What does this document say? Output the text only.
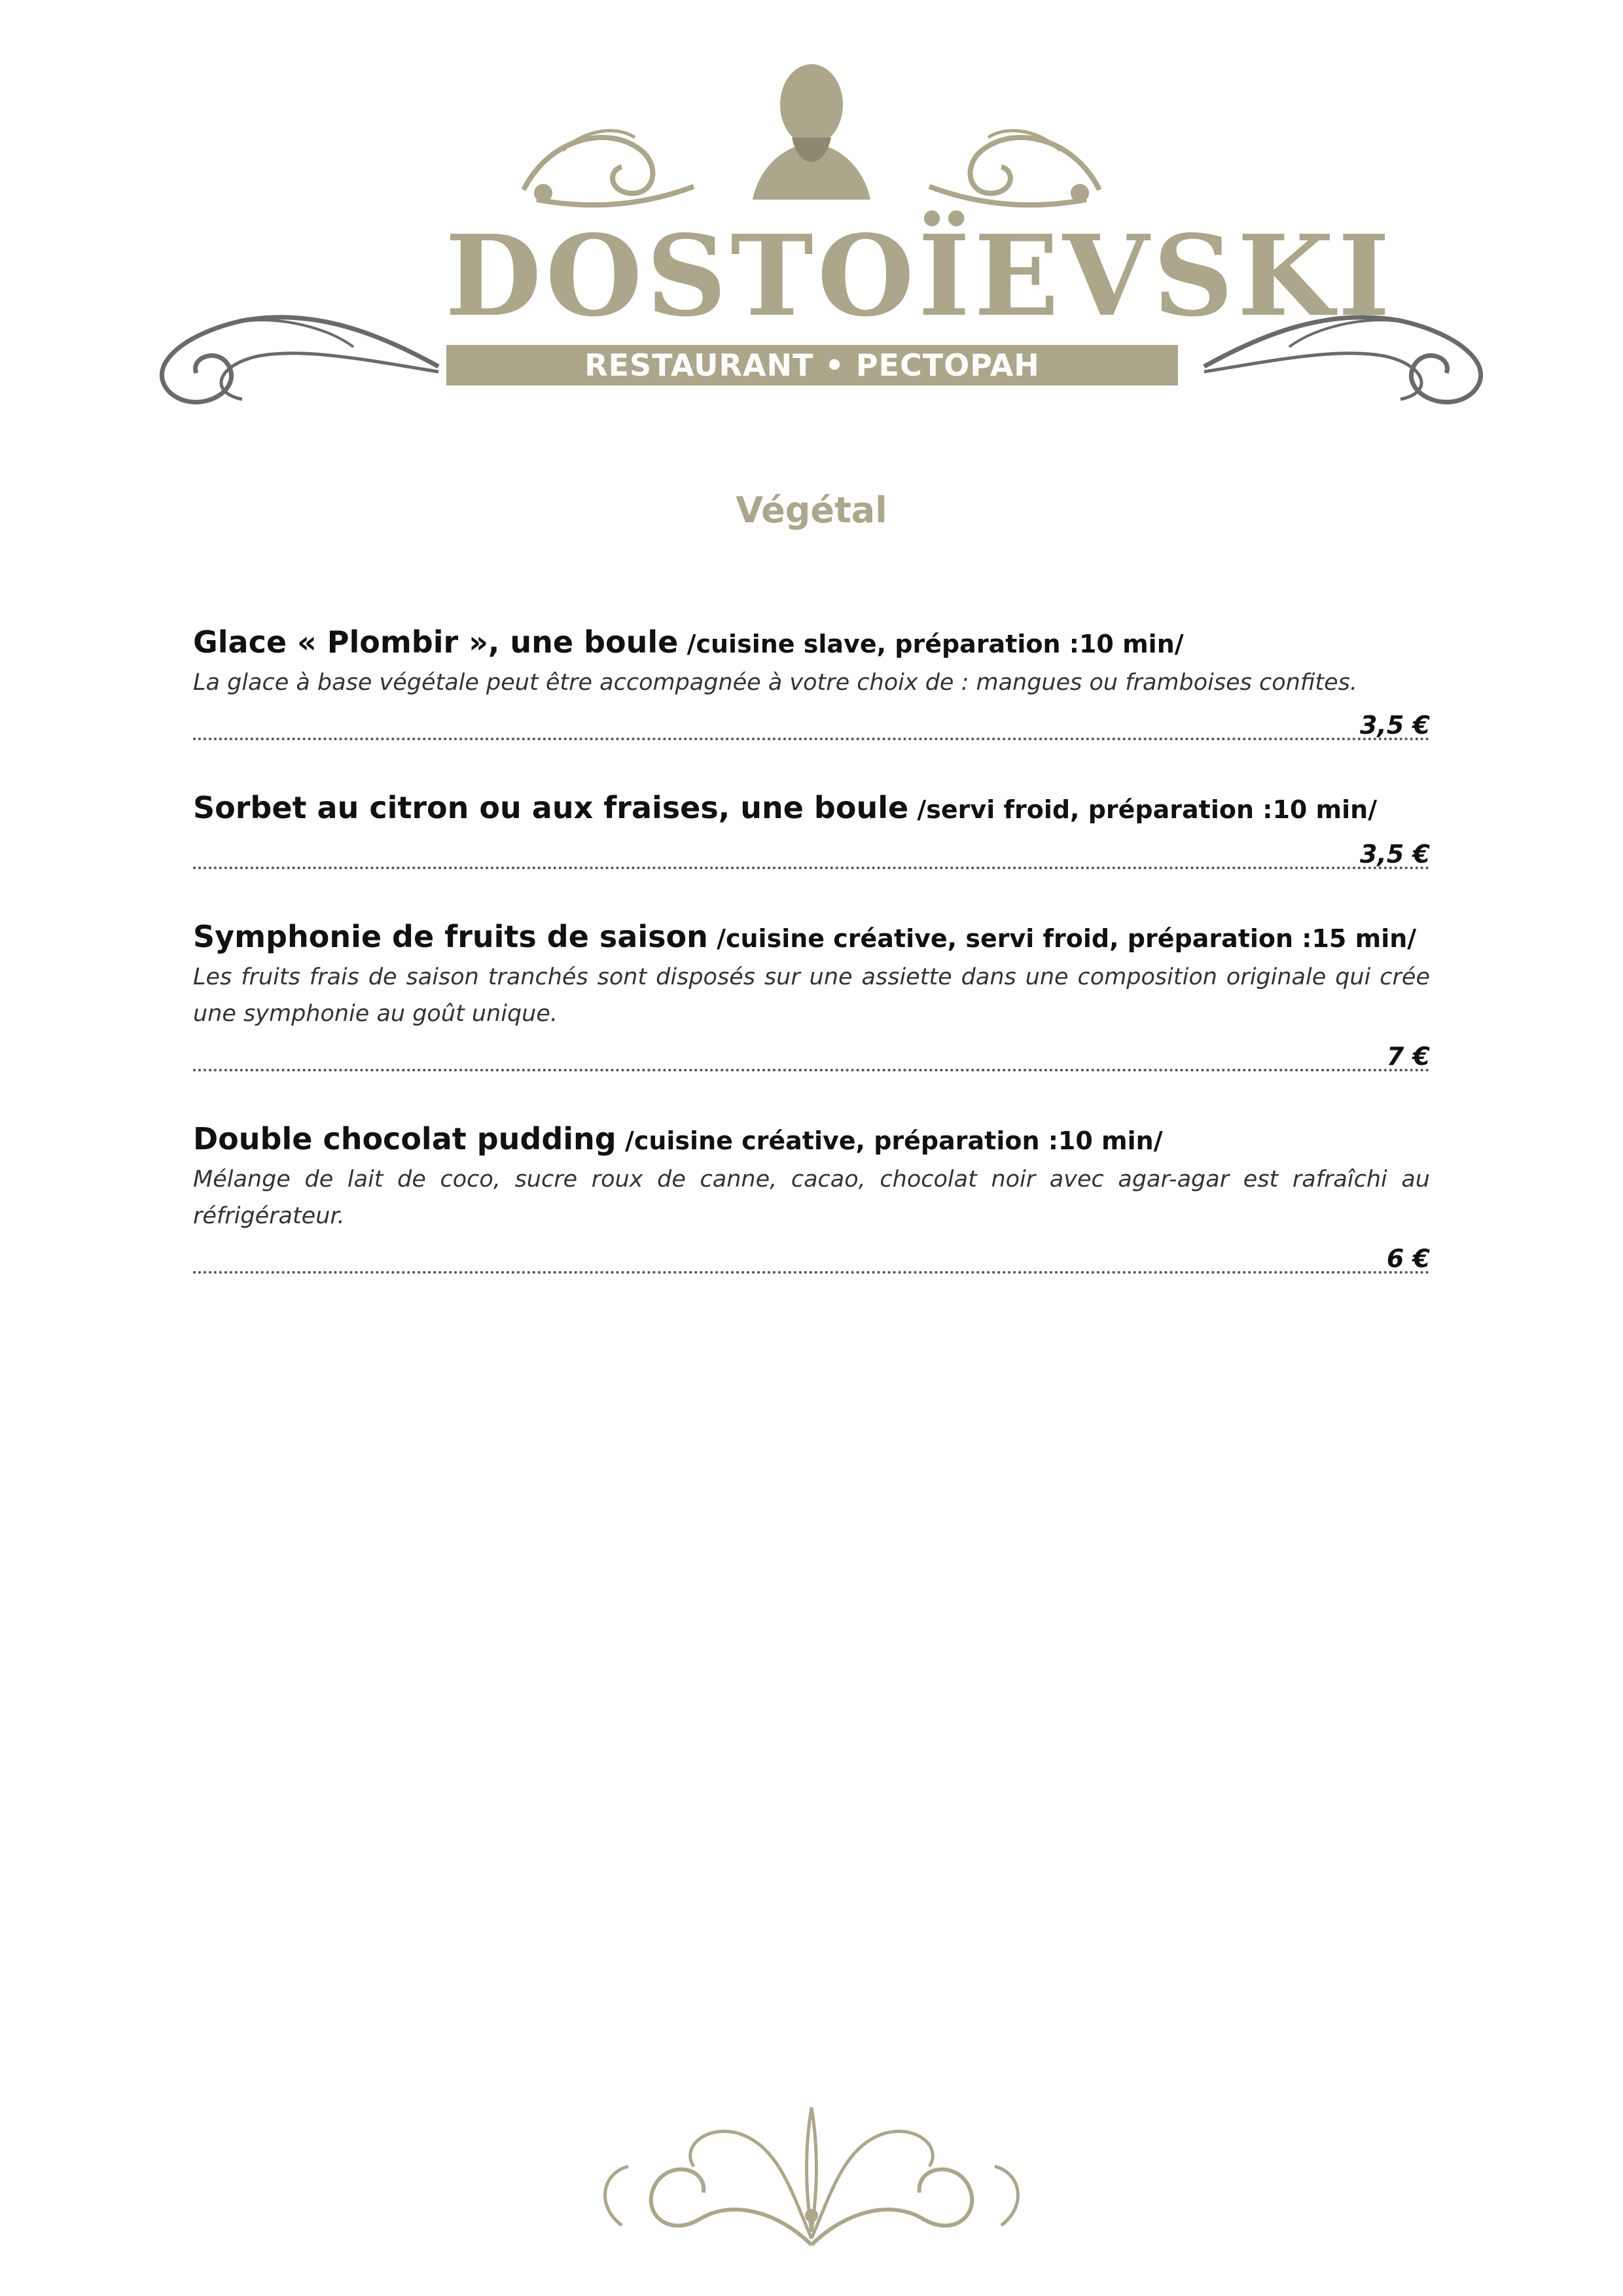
DOSTOÏEVSKI
RESTAURANT • PECTOPAH
Végétal
Glace « Plombir », une boule /cuisine slave, préparation :10 min/
La glace à base végétale peut être accompagnée à votre choix de : mangues ou framboises confites.
3,5 €
Sorbet au citron ou aux fraises, une boule /servi froid, préparation :10 min/
3,5 €
Symphonie de fruits de saison /cuisine créative, servi froid, préparation :15 min/
Les fruits frais de saison tranchés sont disposés sur une assiette dans une composition originale qui crée une symphonie au goût unique.
7 €
Double chocolat pudding /cuisine créative, préparation :10 min/
Mélange de lait de coco, sucre roux de canne, cacao, chocolat noir avec agar-agar est rafraîchi au réfrigérateur.
6 €
